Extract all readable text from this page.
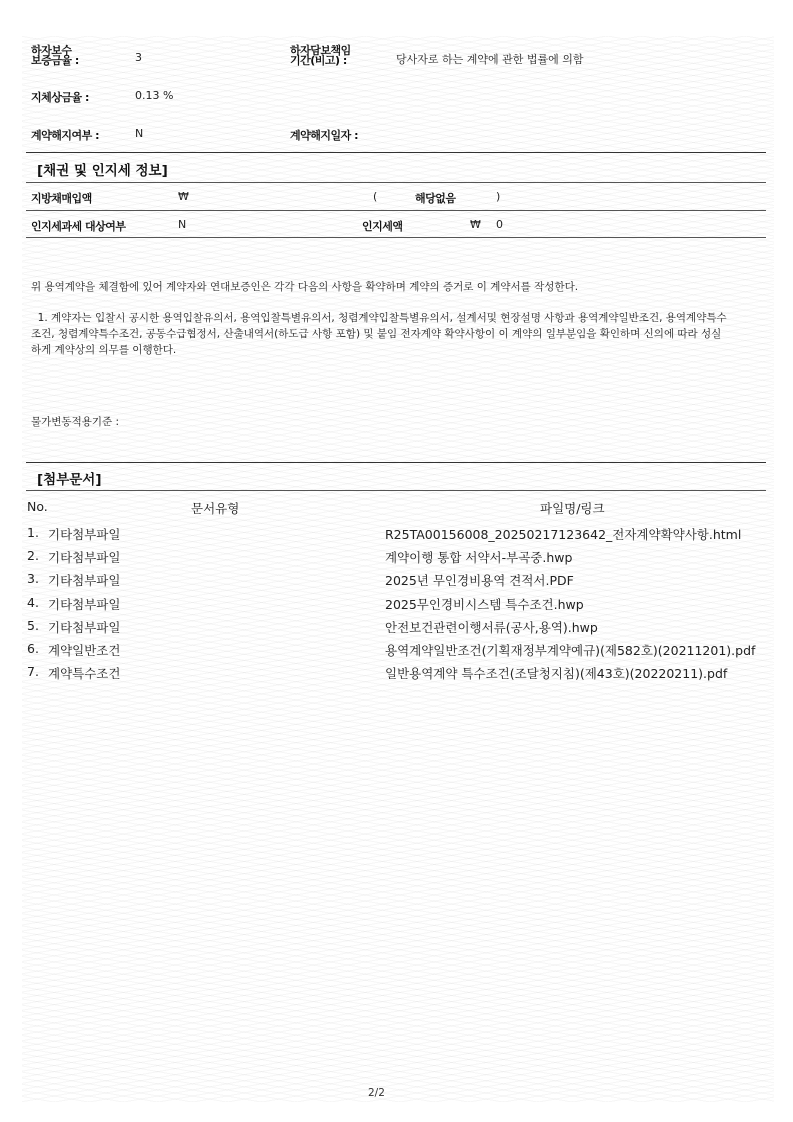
하자보수
보증금율 :	3
하자담보책임
기간(비고) :	당사자로 하는 계약에 관한 법률에 의함
지체상금율 :	0.13 %
계약해지여부 :	N	계약해지일자 :
[채권 및 인지세 정보]
지방채매입액	₩	(	해당없음	)
인지세과세 대상여부	N	인지세액	₩ 0
위 용역계약을 체결함에 있어 계약자와 연대보증인은 각각 다음의 사항을 확약하며 계약의 증거로 이 계약서를 작성한다.
1. 계약자는 입찰시 공시한 용역입찰유의서, 용역입찰특별유의서, 청렴계약입찰특별유의서, 설계서및 현장설명 사항과 용역계약일반조건, 용역계약특수
조건, 청렴계약특수조건, 공동수급협정서, 산출내역서(하도급 사항 포함) 및 붙임 전자계약 확약사항이 이 계약의 일부분임을 확인하며 신의에 따라 성실
하게 계약상의 의무를 이행한다.
물가변동적용기준 :
[첨부문서]
No.	문서유형	파일명/링크
1. 기타첨부파일	R25TA00156008_20250217123642_전자계약확약사항.html
2. 기타첨부파일	계약이행 통합 서약서-부곡중.hwp
3. 기타첨부파일	2025년 무인경비용역 견적서.PDF
4. 기타첨부파일	2025무인경비시스템 특수조건.hwp
5. 기타첨부파일	안전보건관련이행서류(공사,용역).hwp
6. 계약일반조건	용역계약일반조건(기획재정부계약예규)(제582호)(20211201).pdf
7. 계약특수조건	일반용역계약 특수조건(조달청지침)(제43호)(20220211).pdf
2/2
